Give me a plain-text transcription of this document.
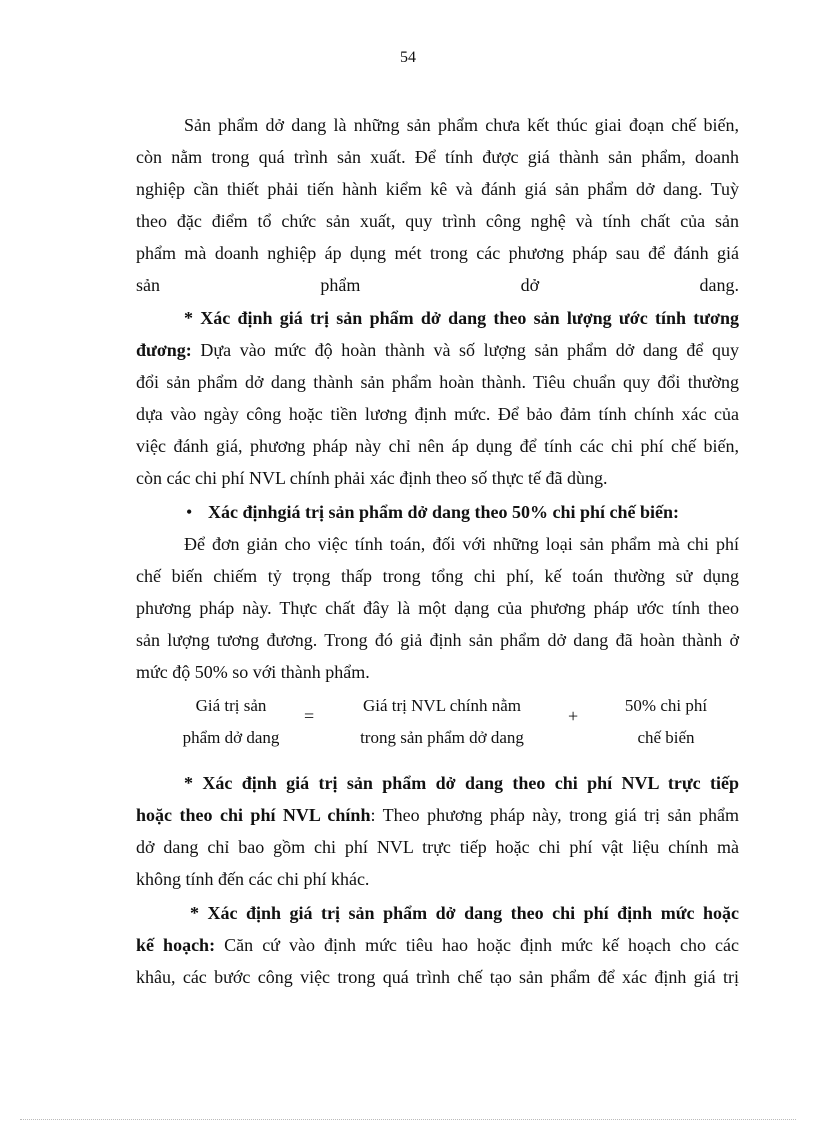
54
Sản phẩm dở dang là những sản phẩm chưa kết thúc giai đoạn chế biến,
còn nằm trong quá trình sản xuất. Để tính được giá thành sản phẩm, doanh
nghiệp cần thiết phải tiến hành kiểm kê và đánh giá sản phẩm dở dang. Tuỳ
theo đặc điểm tổ chức sản xuất, quy trình công nghệ và tính chất của sản
phẩm mà doanh nghiệp áp dụng mét trong các phương pháp sau để đánh giá
sản phẩm dở dang.
* Xác định giá trị sản phẩm dở dang theo sản lượng ước tính tương
đương: Dựa vào mức độ hoàn thành và số lượng sản phẩm dở dang để quy
đổi sản phẩm dở dang thành sản phẩm hoàn thành. Tiêu chuẩn quy đổi thường
dựa vào ngày công hoặc tiền lương định mức. Để bảo đảm tính chính xác của
việc đánh giá, phương pháp này chỉ nên áp dụng để tính các chi phí chế biến,
còn các chi phí NVL chính phải xác định theo số thực tế đã dùng.
• Xác địnhgiá trị sản phẩm dở dang theo 50% chi phí chế biến:
Để đơn giản cho việc tính toán, đối với những loại sản phẩm mà chi phí
chế biến chiếm tỷ trọng thấp trong tổng chi phí, kế toán thường sử dụng
phương pháp này. Thực chất đây là một dạng của phương pháp ước tính theo
sản lượng tương đương. Trong đó giả định sản phẩm dở dang đã hoàn thành ở
mức độ 50% so với thành phẩm.
Giá trị sản
phẩm dở dang
=
Giá trị NVL chính nằm
trong sản phẩm dở dang
+
50% chi phí
chế biến
* Xác định giá trị sản phẩm dở dang theo chi phí NVL trực tiếp
hoặc theo chi phí NVL chính: Theo phương pháp này, trong giá trị sản phẩm
dở dang chỉ bao gồm chi phí NVL trực tiếp hoặc chi phí vật liệu chính mà
không tính đến các chi phí khác.
* Xác định giá trị sản phẩm dở dang theo chi phí định mức hoặc
kế hoạch: Căn cứ vào định mức tiêu hao hoặc định mức kế hoạch cho các
khâu, các bước công việc trong quá trình chế tạo sản phẩm để xác định giá trị
